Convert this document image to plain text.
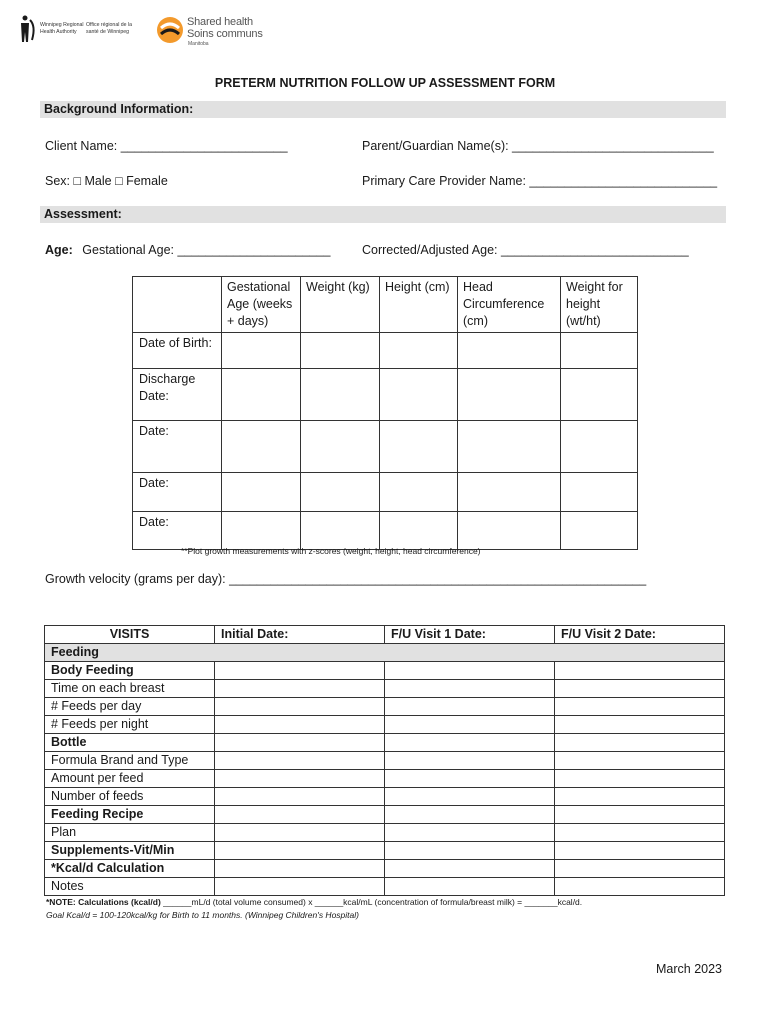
Winnipeg Regional
Health Authority
Office régional de la
santé de Winnipeg
Shared health
Soins communs
Manitoba
PRETERM NUTRITION FOLLOW UP ASSESSMENT FORM
Background Information:
Client Name: ________________________	Parent/Guardian Name(s): _____________________________
Sex: □ Male □ Female	Primary Care Provider Name: ___________________________
Assessment:
Age: Gestational Age: ______________________	Corrected/Adjusted Age: ___________________________
	Gestational Age (weeks + days)	Weight (kg)	Height (cm)	Head Circumference (cm)	Weight for height (wt/ht)
Date of Birth:					
Discharge Date:					
Date:					
Date:					
Date:					
**Plot growth measurements with z-scores (weight, height, head circumference)
Growth velocity (grams per day): ____________________________________________________________
VISITS	Initial Date:	F/U Visit 1 Date:	F/U Visit 2 Date:
Feeding			
Body Feeding			
Time on each breast			
# Feeds per day			
# Feeds per night			
Bottle			
Formula Brand and Type			
Amount per feed			
Number of feeds			
Feeding Recipe			
Plan			
Supplements-Vit/Min			
*Kcal/d Calculation			
Notes			
*NOTE: Calculations (kcal/d) ______mL/d (total volume consumed) x ______kcal/mL (concentration of formula/breast milk) = _______kcal/d.
Goal Kcal/d = 100-120kcal/kg for Birth to 11 months. (Winnipeg Children's Hospital)
March 2023
